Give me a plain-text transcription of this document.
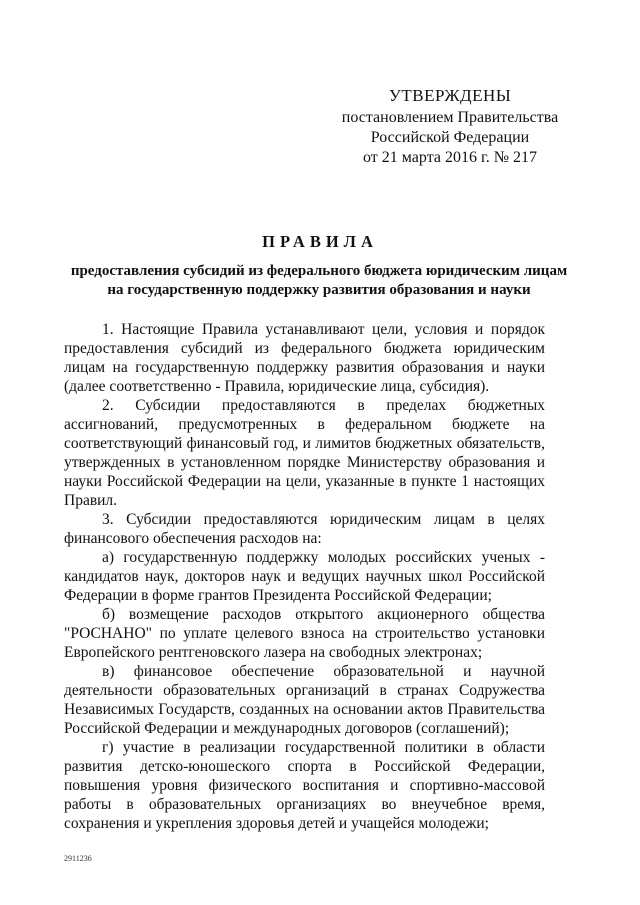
УТВЕРЖДЕНЫ
постановлением Правительства
Российской Федерации
от 21 марта 2016 г. № 217
ПРАВИЛА
предоставления субсидий из федерального бюджета юридическим лицам на государственную поддержку развития образования и науки

1. Настоящие Правила устанавливают цели, условия и порядок предоставления субсидий из федерального бюджета юридическим лицам на государственную поддержку развития образования и науки (далее соответственно - Правила, юридические лица, субсидия).

2. Субсидии предоставляются в пределах бюджетных ассигнований, предусмотренных в федеральном бюджете на соответствующий финансовый год, и лимитов бюджетных обязательств, утвержденных в установленном порядке Министерству образования и науки Российской Федерации на цели, указанные в пункте 1 настоящих Правил.

3. Субсидии предоставляются юридическим лицам в целях финансового обеспечения расходов на:

а) государственную поддержку молодых российских ученых - кандидатов наук, докторов наук и ведущих научных школ Российской Федерации в форме грантов Президента Российской Федерации;

б) возмещение расходов открытого акционерного общества "РОСНАНО" по уплате целевого взноса на строительство установки Европейского рентгеновского лазера на свободных электронах;

в) финансовое обеспечение образовательной и научной деятельности образовательных организаций в странах Содружества Независимых Государств, созданных на основании актов Правительства Российской Федерации и международных договоров (соглашений);

г) участие в реализации государственной политики в области развития детско-юношеского спорта в Российской Федерации, повышения уровня физического воспитания и спортивно-массовой работы в образовательных организациях во внеучебное время, сохранения и укрепления здоровья детей и учащейся молодежи;

2911236
